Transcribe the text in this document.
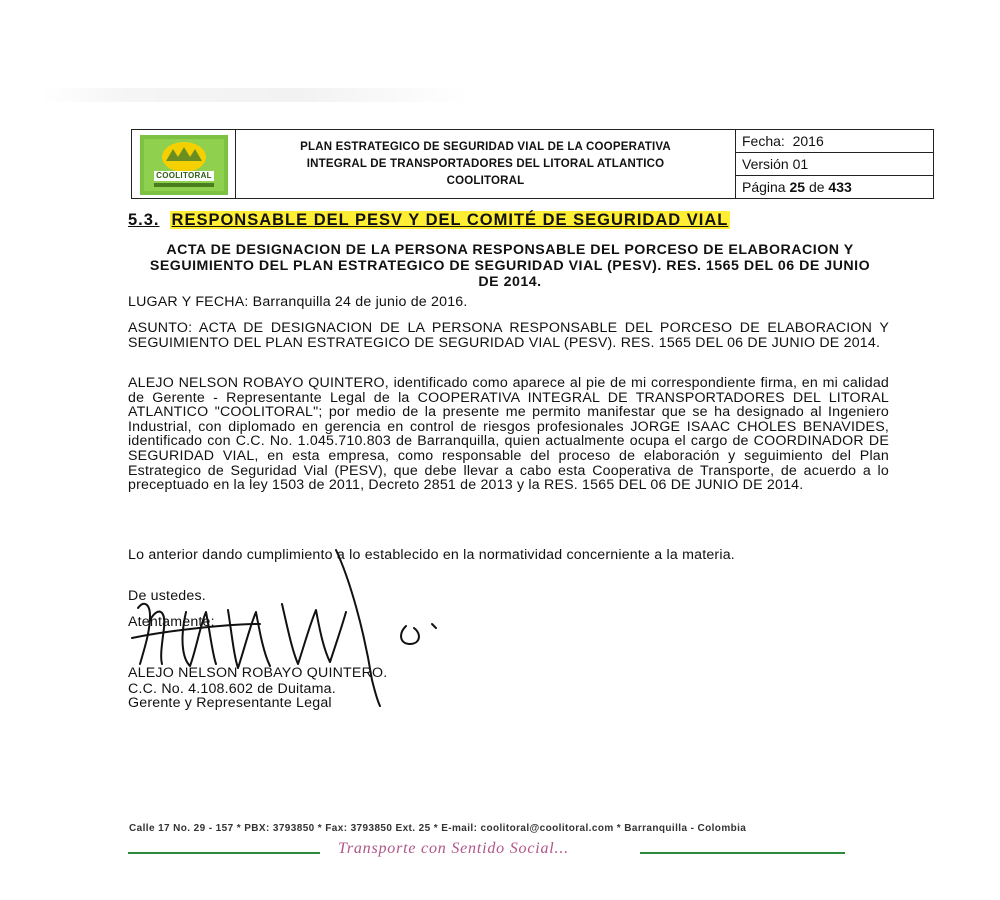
COOLITORAL
PLAN ESTRATEGICO DE SEGURIDAD VIAL DE LA COOPERATIVA
INTEGRAL DE TRANSPORTADORES DEL LITORAL ATLANTICO
COOLITORAL
Fecha:
2016
Versión 01
Página
25
de
433
5.3. RESPONSABLE DEL PESV Y DEL COMITÉ DE SEGURIDAD VIAL
ACTA DE DESIGNACION DE LA PERSONA RESPONSABLE DEL PORCESO DE ELABORACION Y SEGUIMIENTO DEL PLAN ESTRATEGICO DE SEGURIDAD VIAL (PESV). RES. 1565 DEL 06 DE JUNIO DE 2014.
LUGAR Y FECHA: Barranquilla 24 de junio de 2016.
ASUNTO: ACTA DE DESIGNACION DE LA PERSONA RESPONSABLE DEL PORCESO DE ELABORACION Y SEGUIMIENTO DEL PLAN ESTRATEGICO DE SEGURIDAD VIAL (PESV). RES. 1565 DEL 06 DE JUNIO DE 2014.
ALEJO NELSON ROBAYO QUINTERO, identificado como aparece al pie de mi correspondiente firma, en mi calidad de Gerente - Representante Legal de la COOPERATIVA INTEGRAL DE TRANSPORTADORES DEL LITORAL ATLANTICO "COOLITORAL"; por medio de la presente me permito manifestar que se ha designado al Ingeniero Industrial, con diplomado en gerencia en control de riesgos profesionales JORGE ISAAC CHOLES BENAVIDES, identificado con C.C. No. 1.045.710.803 de Barranquilla, quien actualmente ocupa el cargo de COORDINADOR DE SEGURIDAD VIAL, en esta empresa, como responsable del proceso de elaboración y seguimiento del Plan Estrategico de Seguridad Vial (PESV), que debe llevar a cabo esta Cooperativa de Transporte, de acuerdo a lo preceptuado en la ley 1503 de 2011, Decreto 2851 de 2013 y la RES. 1565 DEL 06 DE JUNIO DE 2014.
Lo anterior dando cumplimiento a lo establecido en la normatividad concerniente a la materia.
De ustedes.
Atentamente:
ALEJO NELSON ROBAYO QUINTERO.
C.C. No. 4.108.602 de Duitama.
Gerente y Representante Legal
Calle 17 No. 29 - 157 * PBX: 3793850 * Fax: 3793850 Ext. 25 * E-mail: coolitoral@coolitoral.com * Barranquilla - Colombia
Transporte con Sentido Social...
